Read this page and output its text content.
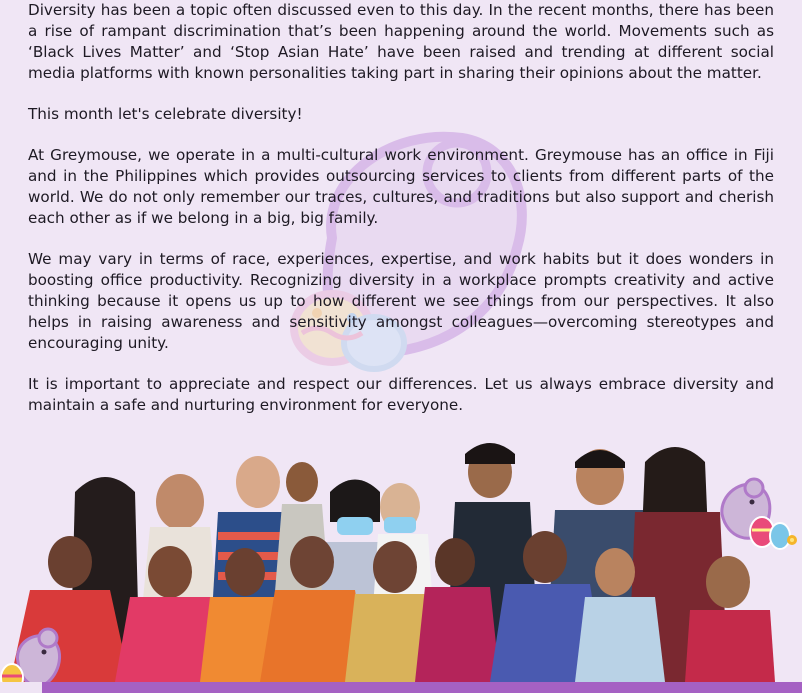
Diversity has been a topic often discussed even to this day. In the recent months, there has been a rise of rampant discrimination that’s been happening around the world. Movements such as ‘Black Lives Matter’ and ‘Stop Asian Hate’ have been raised and trending at different social media platforms with known personalities taking part in sharing their opinions about the matter.

This month let's celebrate diversity!

At Greymouse, we operate in a multi-cultural work environment. Greymouse has an office in Fiji and in the Philippines which provides outsourcing services to clients from different parts of the world. We do not only remember our traces, cultures, and traditions but also support and cherish each other as if we belong in a big, big family.

We may vary in terms of race, experiences, expertise, and work habits but it does wonders in boosting office productivity. Recognizing diversity in a workplace prompts creativity and active thinking because it opens us up to how different we see things from our perspectives. It also helps in raising awareness and sensitivity amongst colleagues—overcoming stereotypes and encouraging unity.

It is important to appreciate and respect our differences. Let us always embrace diversity and maintain a safe and nurturing environment for everyone.
